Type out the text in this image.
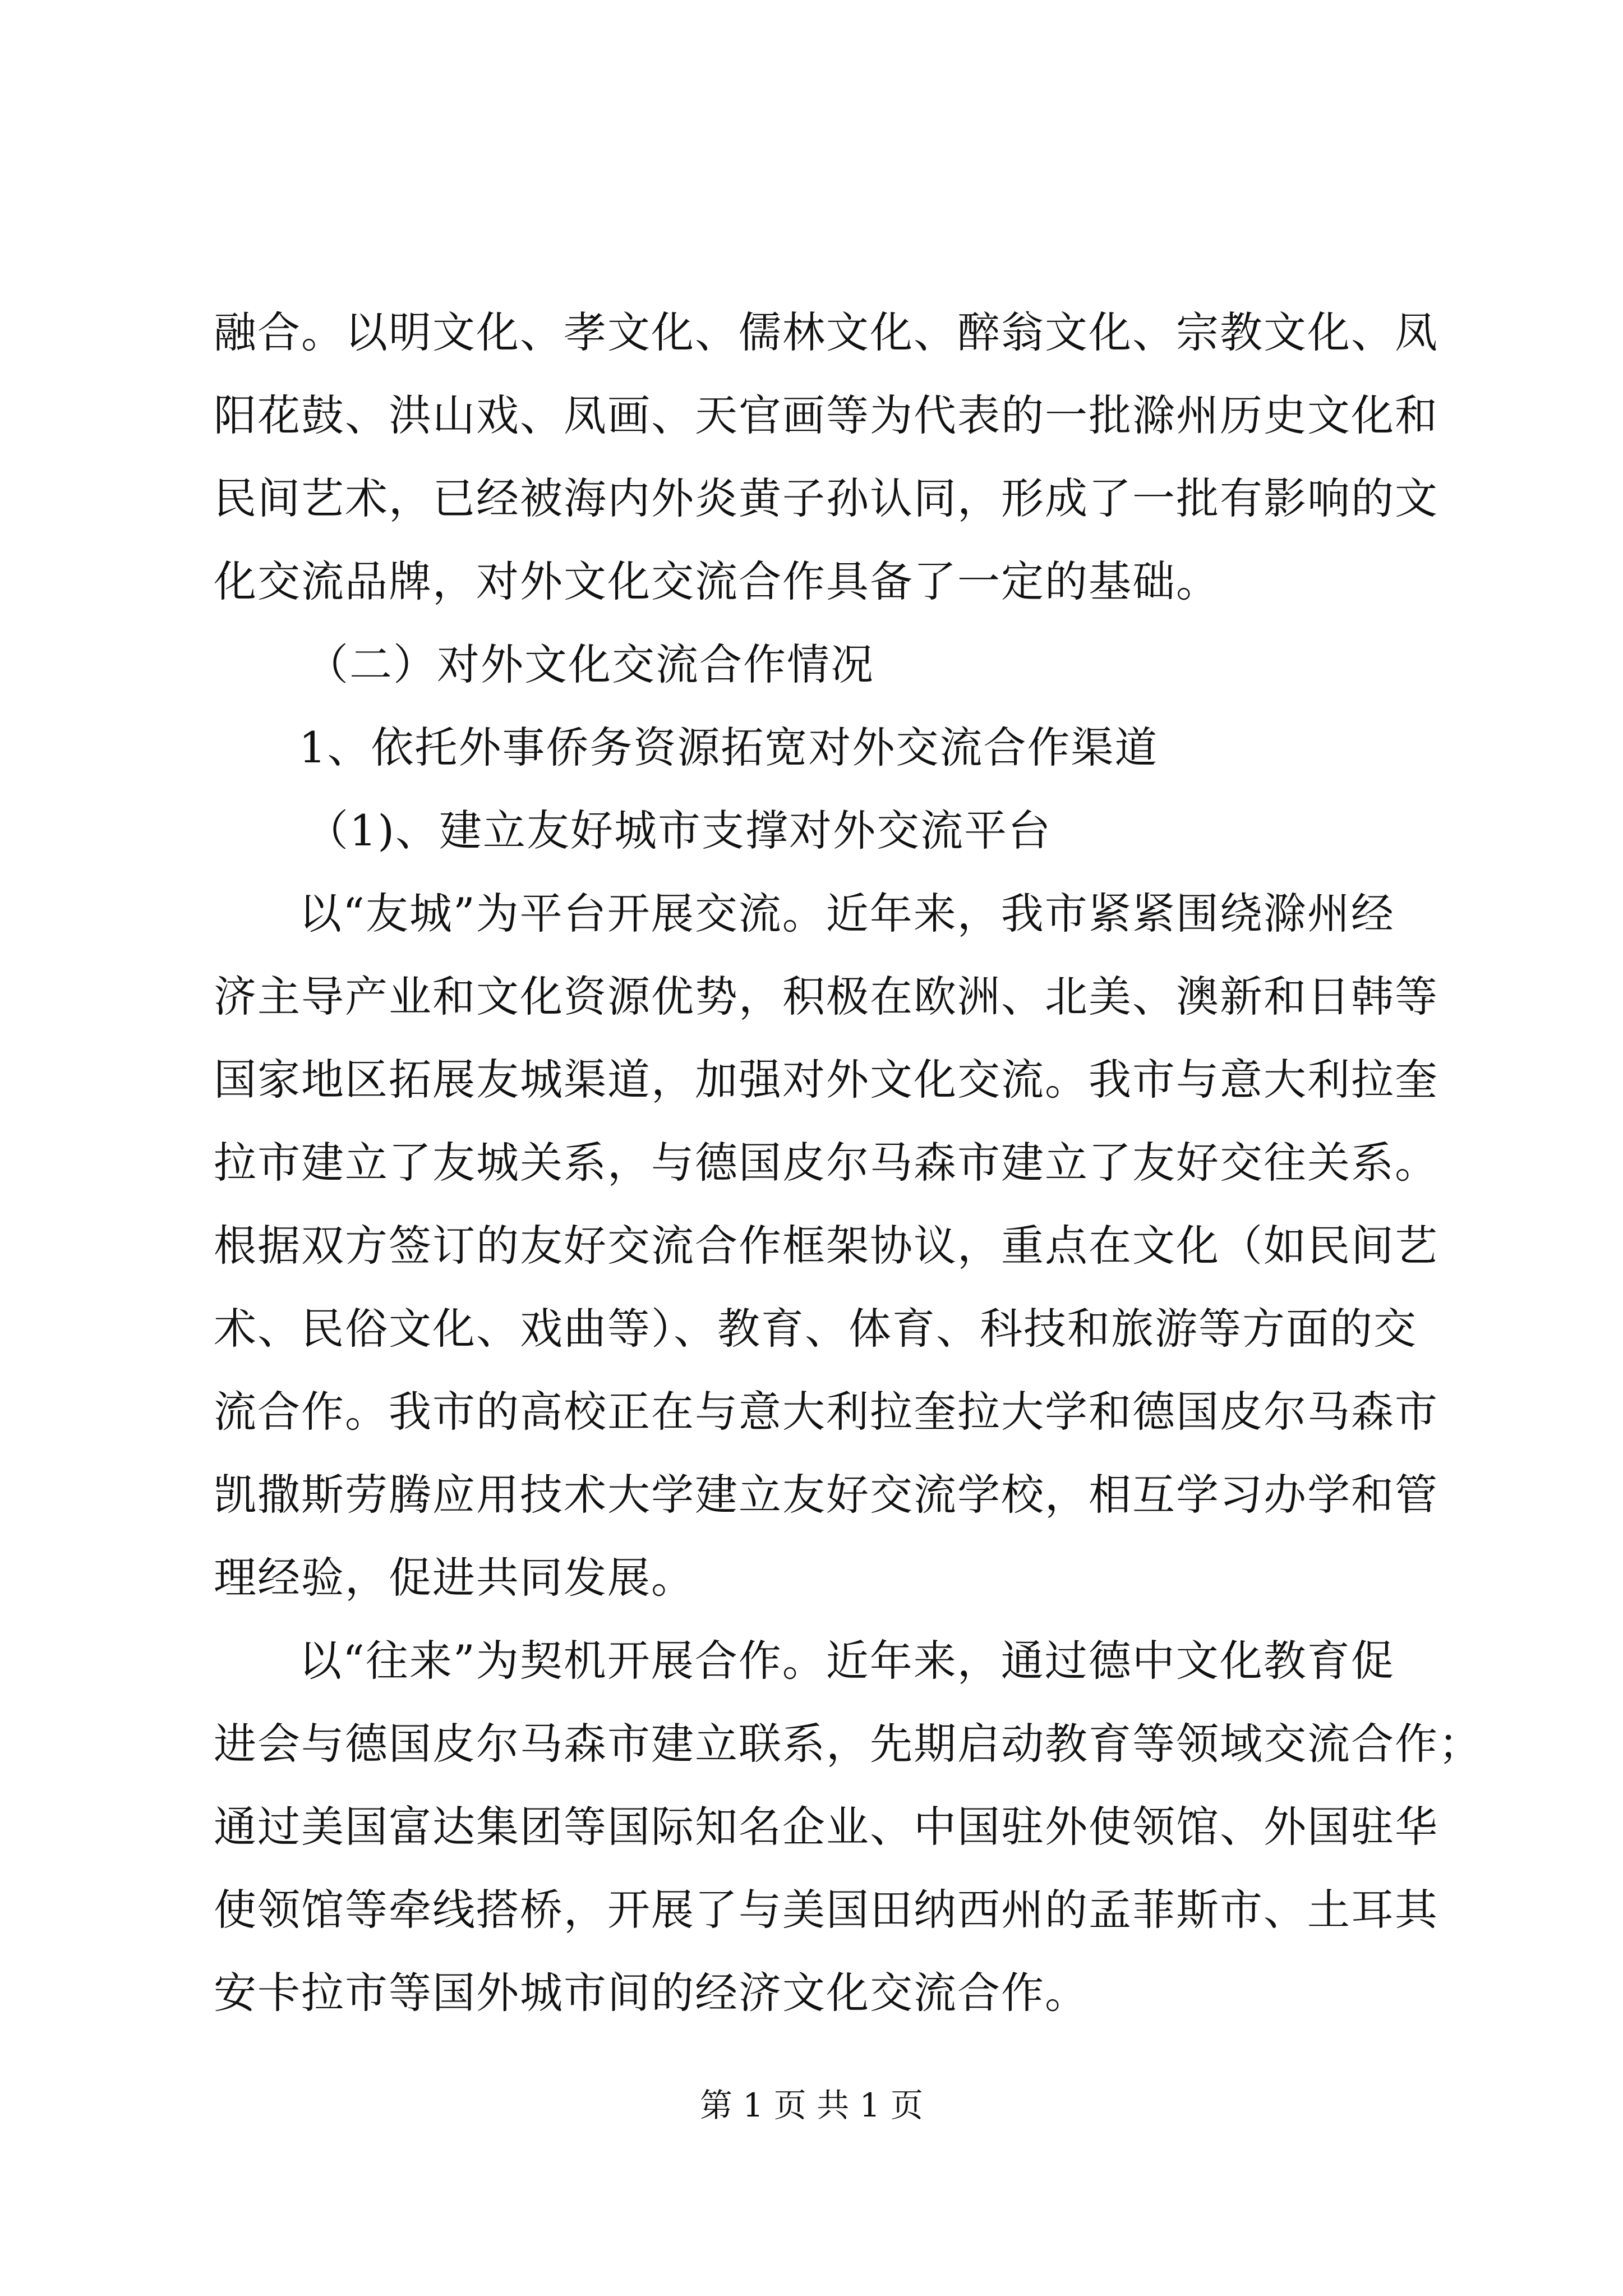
融合。以明文化、孝文化、儒林文化、醉翁文化、宗教文化、凤
阳花鼓、洪山戏、凤画、天官画等为代表的一批滁州历史文化和
民间艺术，已经被海内外炎黄子孙认同，形成了一批有影响的文
化交流品牌，对外文化交流合作具备了一定的基础。
（二）对外文化交流合作情况
1、依托外事侨务资源拓宽对外交流合作渠道
（1)、建立友好城市支撑对外交流平台
以“友城”为平台开展交流。近年来，我市紧紧围绕滁州经
济主导产业和文化资源优势，积极在欧洲、北美、澳新和日韩等
国家地区拓展友城渠道，加强对外文化交流。我市与意大利拉奎
拉市建立了友城关系，与德国皮尔马森市建立了友好交往关系。
根据双方签订的友好交流合作框架协议，重点在文化（如民间艺
术、民俗文化、戏曲等）、教育、体育、科技和旅游等方面的交
流合作。我市的高校正在与意大利拉奎拉大学和德国皮尔马森市
凯撒斯劳腾应用技术大学建立友好交流学校，相互学习办学和管
理经验，促进共同发展。
以“往来”为契机开展合作。近年来，通过德中文化教育促
进会与德国皮尔马森市建立联系，先期启动教育等领域交流合作；
通过美国富达集团等国际知名企业、中国驻外使领馆、外国驻华
使领馆等牵线搭桥，开展了与美国田纳西州的孟菲斯市、土耳其
安卡拉市等国外城市间的经济文化交流合作。
第 1 页 共 1 页
